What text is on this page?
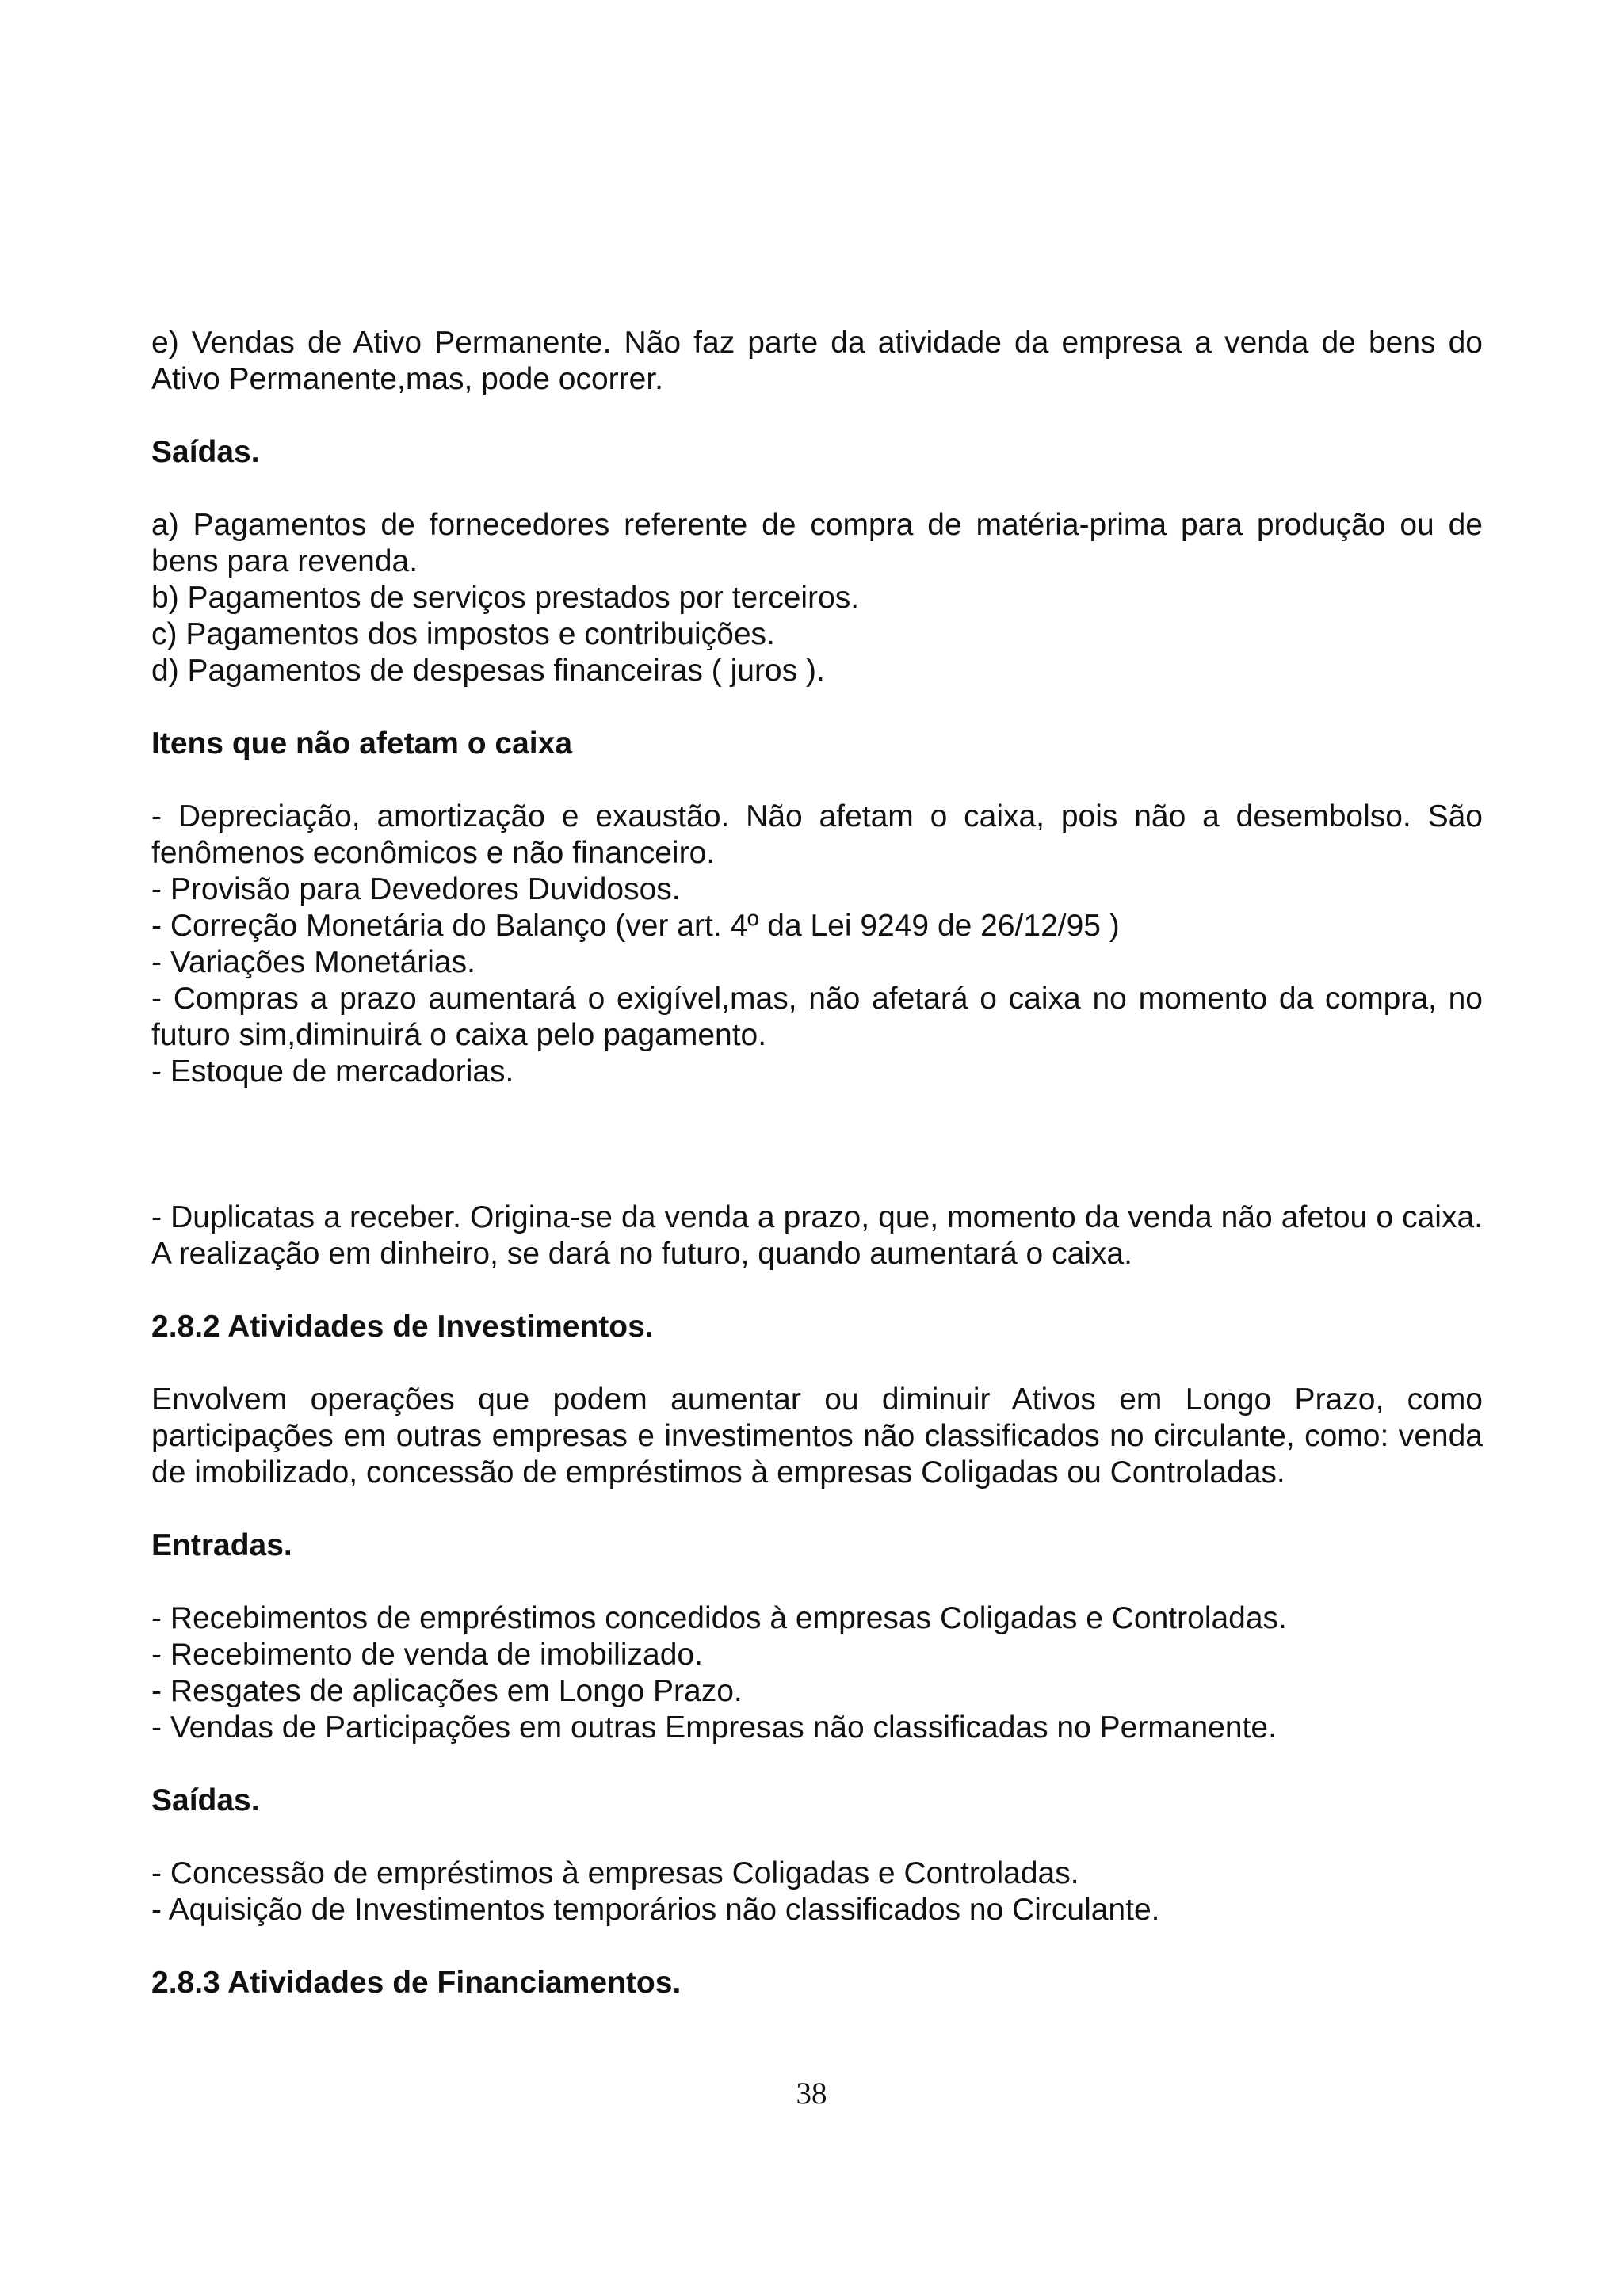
e) Vendas de Ativo Permanente. Não faz parte da atividade da empresa a venda de bens do Ativo Permanente,mas, pode ocorrer.

Saídas.

a) Pagamentos de fornecedores referente de compra de matéria-prima para produção ou de bens para revenda.

b) Pagamentos de serviços prestados por terceiros.

c) Pagamentos dos impostos e contribuições.

d) Pagamentos de despesas financeiras ( juros ).

Itens que não afetam o caixa

- Depreciação, amortização e exaustão. Não afetam o caixa, pois não a desembolso. São fenômenos econômicos e não financeiro.

- Provisão para Devedores Duvidosos.

- Correção Monetária do Balanço (ver art. 4º da Lei 9249 de 26/12/95 )

- Variações Monetárias.

- Compras a prazo aumentará o exigível,mas, não afetará o caixa no momento da compra, no futuro sim,diminuirá o caixa pelo pagamento.

- Estoque de mercadorias.

- Duplicatas a receber. Origina-se da venda a prazo, que, momento da venda não afetou o caixa. A realização em dinheiro, se dará no futuro, quando aumentará o caixa.

2.8.2 Atividades de Investimentos.

Envolvem operações que podem aumentar ou diminuir Ativos em Longo Prazo, como participações em outras empresas e investimentos não classificados no circulante, como: venda de imobilizado, concessão de empréstimos à empresas Coligadas ou Controladas.

Entradas.

- Recebimentos de empréstimos concedidos à empresas Coligadas e Controladas.

- Recebimento de venda de imobilizado.

- Resgates de aplicações em Longo Prazo.

- Vendas de Participações em outras Empresas não classificadas no Permanente.

Saídas.

- Concessão de empréstimos à empresas Coligadas e Controladas.

- Aquisição de Investimentos temporários não classificados no Circulante.

2.8.3 Atividades de Financiamentos.

38
